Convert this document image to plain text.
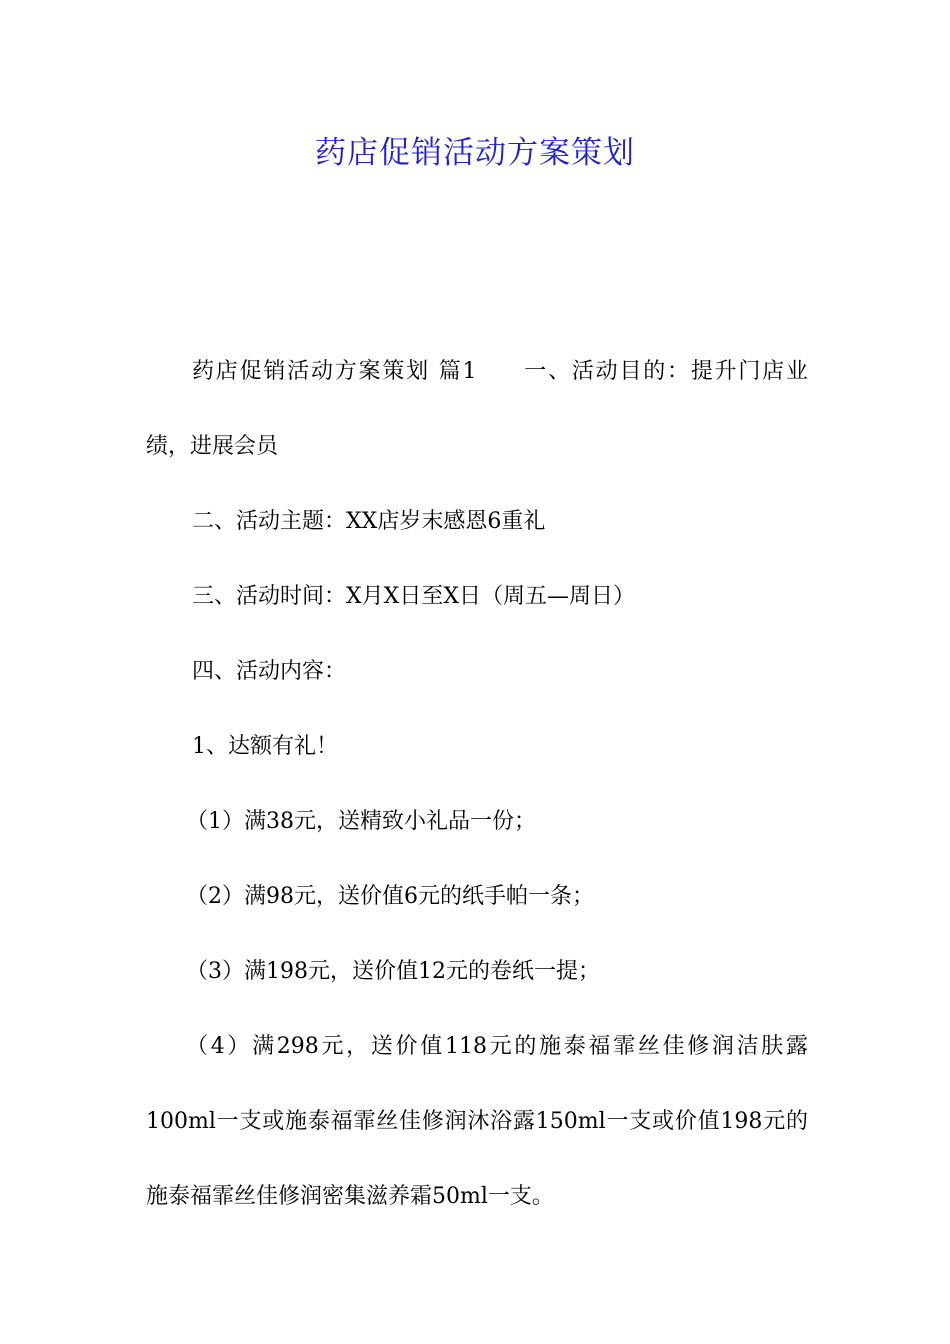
药店促销活动方案策划

药店促销活动方案策划 篇1 一、活动目的：提升门店业绩，进展会员

二、活动主题：XX店岁末感恩6重礼

三、活动时间：X月X日至X日（周五—周日）

四、活动内容：

1、达额有礼！

（1）满38元，送精致小礼品一份；

（2）满98元，送价值6元的纸手帕一条；

（3）满198元，送价值12元的卷纸一提；

（4）满298元，送价值118元的施泰福霏丝佳修润洁肤露100ml一支或施泰福霏丝佳修润沐浴露150ml一支或价值198元的施泰福霏丝佳修润密集滋养霜50ml一支。
